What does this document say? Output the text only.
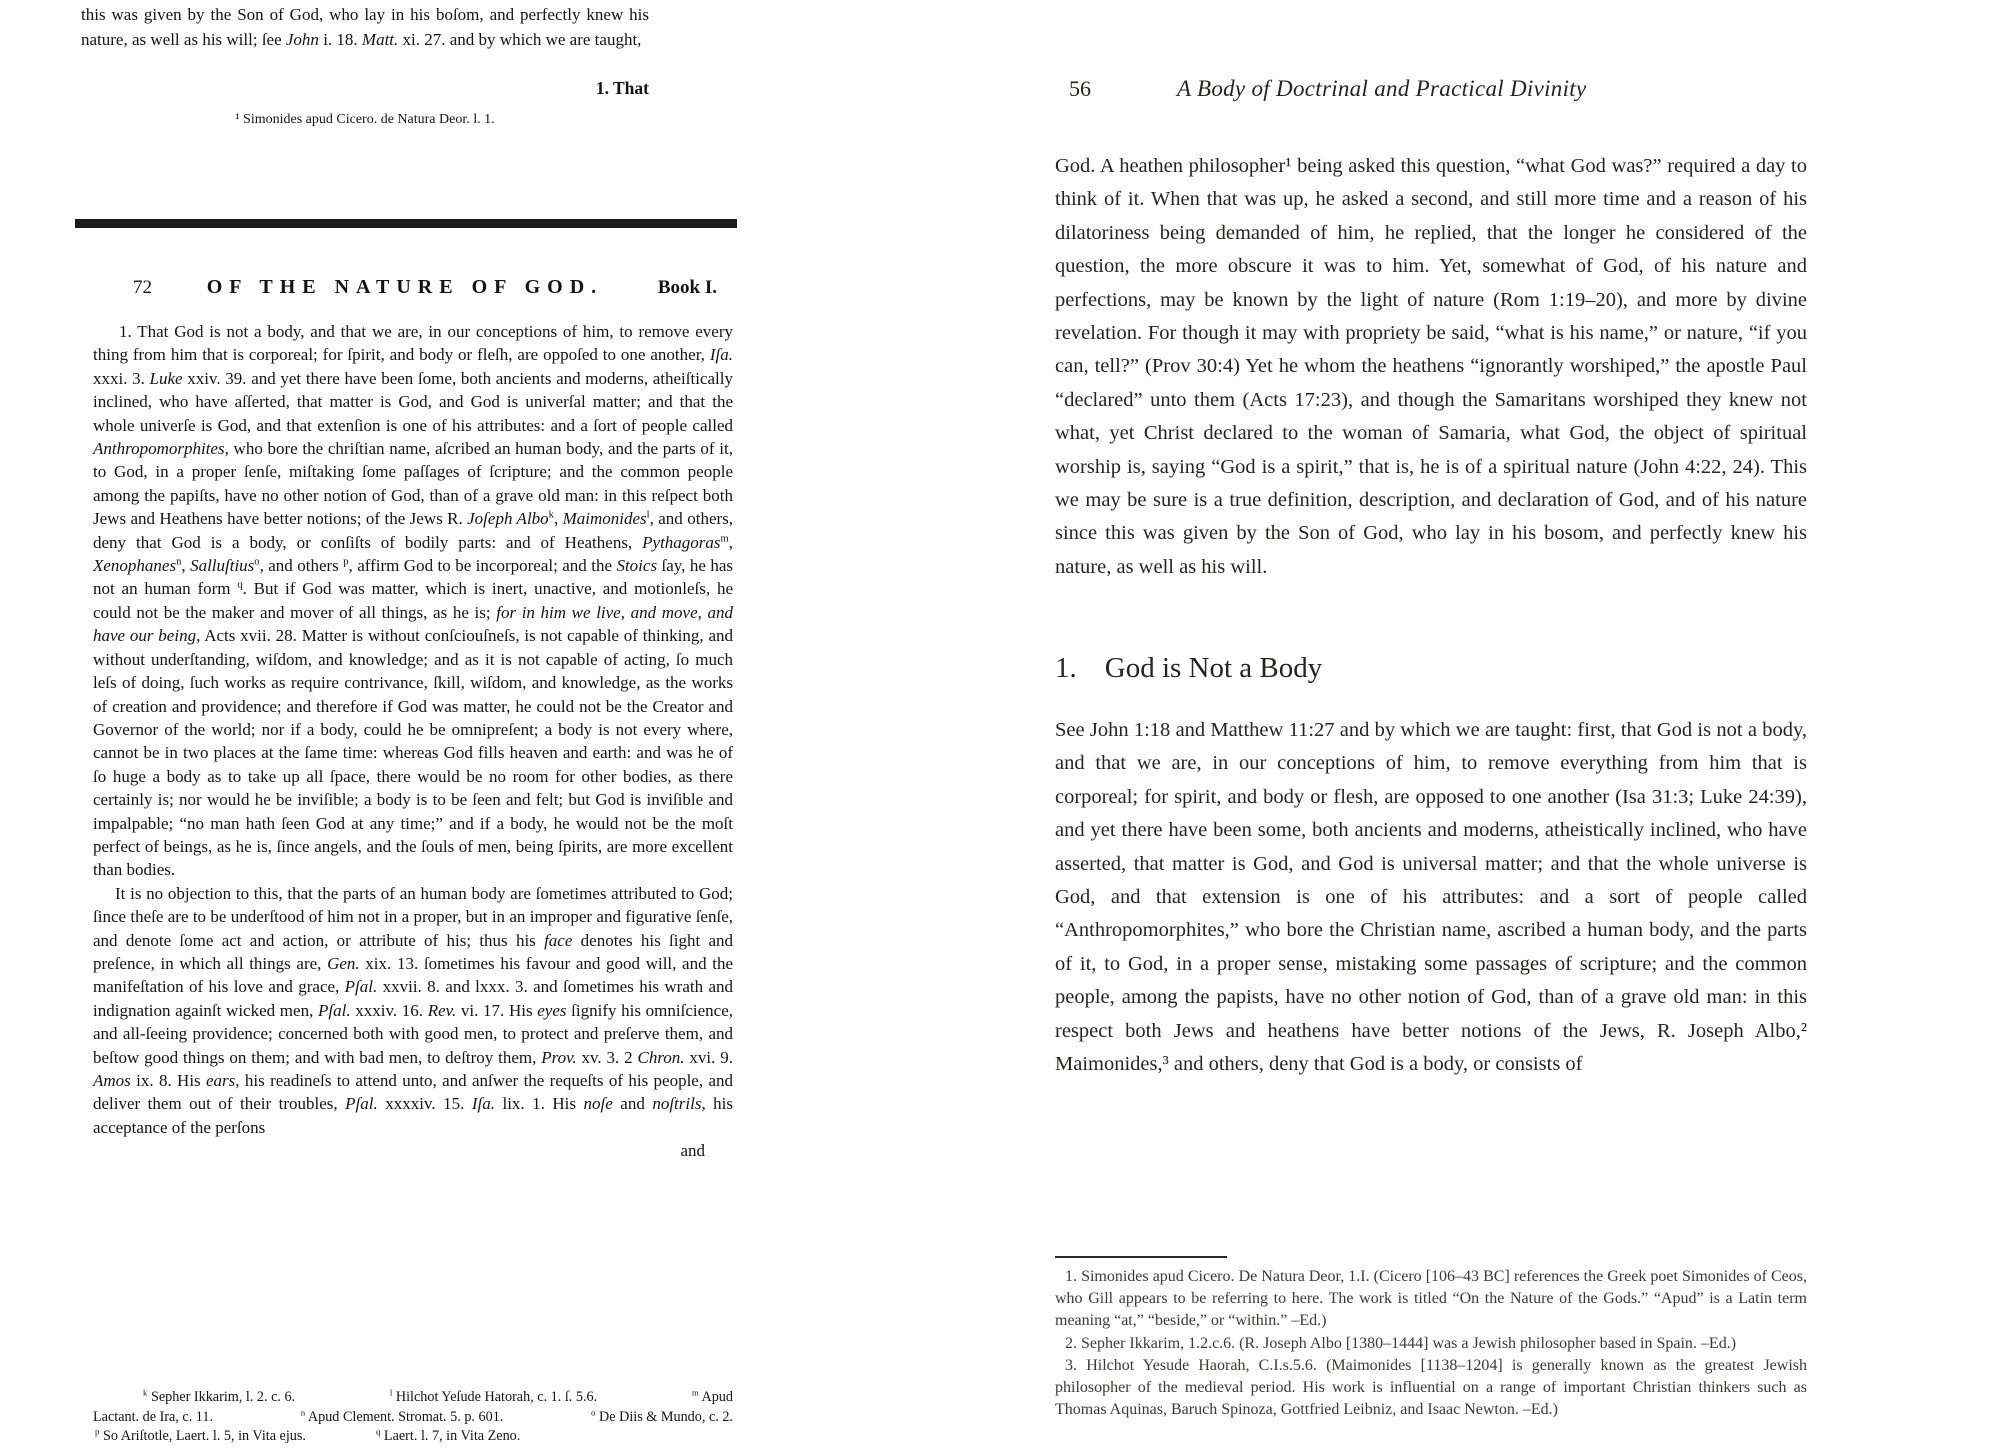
this was given by the Son of God, who lay in his boſom, and perfectly knew his nature, as well as his will; ſee John i. 18. Matt. xi. 27. and by which we are taught,
1. That
¹ Simonides apud Cicero. de Natura Deor. l. 1.
72	OF THE NATURE OF GOD.	Book I.

1. That God is not a body, and that we are, in our conceptions of him, to remove every thing from him that is corporeal; for ſpirit, and body or fleſh, are oppoſed to one another, Iſa. xxxi. 3. Luke xxiv. 39. and yet there have been ſome, both ancients and moderns, atheiſtically inclined, who have aſſerted, that matter is God, and God is univerſal matter; and that the whole univerſe is God, and that extenſion is one of his attributes: and a ſort of people called Anthropomorphites, who bore the chriſtian name, aſcribed an human body, and the parts of it, to God, in a proper ſenſe, miſtaking ſome paſſages of ſcripture; and the common people among the papiſts, have no other notion of God, than of a grave old man: in this reſpect both Jews and Heathens have better notions; of the Jews R. Joſeph Albo$^k$, Maimonides$^l$, and others, deny that God is a body, or conſiſts of bodily parts: and of Heathens, Pythagoras$^m$, Xenophanes$^n$, Salluſtius$^o$, and others $^p$, affirm God to be incorporeal; and the Stoics ſay, he has not an human form $^q$. But if God was matter, which is inert, unactive, and motionleſs, he could not be the maker and mover of all things, as he is; for in him we live, and move, and have our being, Acts xvii. 28. Matter is without conſciouſneſs, is not capable of thinking, and without underſtanding, wiſdom, and knowledge; and as it is not capable of acting, ſo much leſs of doing, ſuch works as require contrivance, ſkill, wiſdom, and knowledge, as the works of creation and providence; and therefore if God was matter, he could not be the Creator and Governor of the world; nor if a body, could he be omnipreſent; a body is not every where, cannot be in two places at the ſame time: whereas God fills heaven and earth: and was he of ſo huge a body as to take up all ſpace, there would be no room for other bodies, as there certainly is; nor would he be inviſible; a body is to be ſeen and felt; but God is inviſible and impalpable; “no man hath ſeen God at any time;” and if a body, he would not be the moſt perfect of beings, as he is, ſince angels, and the ſouls of men, being ſpirits, are more excellent than bodies.

It is no objection to this, that the parts of an human body are ſometimes attributed to God; ſince theſe are to be underſtood of him not in a proper, but in an improper and figurative ſenſe, and denote ſome act and action, or attribute of his; thus his face denotes his ſight and preſence, in which all things are, Gen. xix. 13. ſometimes his favour and good will, and the manifeſtation of his love and grace, Pſal. xxvii. 8. and lxxx. 3. and ſometimes his wrath and indignation againſt wicked men, Pſal. xxxiv. 16. Rev. vi. 17. His eyes ſignify his omniſcience, and all-ſeeing providence; concerned both with good men, to protect and preſerve them, and beſtow good things on them; and with bad men, to deſtroy them, Prov. xv. 3. 2 Chron. xvi. 9. Amos ix. 8. His ears, his readineſs to attend unto, and anſwer the requeſts of his people, and deliver them out of their troubles, Pſal. xxxxiv. 15. Iſa. lix. 1. His noſe and noſtrils, his acceptance of the perſons

and
$^k$ Sepher Ikkarim, l. 2. c. 6.	$^l$ Hilchot Yeſude Hatorah, c. 1. ſ. 5.6.	$^m$ Apud
Lactant. de Ira, c. 11.	$^n$ Apud Clement. Stromat. 5. p. 601.	$^o$ De Diis & Mundo, c. 2.
$^p$ So Ariſtotle, Laert. l. 5, in Vita ejus.	$^q$ Laert. l. 7, in Vita Zeno.
56	A Body of Doctrinal and Practical Divinity

God. A heathen philosopher¹ being asked this question, “what God was?” required a day to think of it. When that was up, he asked a second, and still more time and a reason of his dilatoriness being demanded of him, he replied, that the longer he considered of the question, the more obscure it was to him. Yet, somewhat of God, of his nature and perfections, may be known by the light of nature (Rom 1:19–20), and more by divine revelation. For though it may with propriety be said, “what is his name,” or nature, “if you can, tell?” (Prov 30:4) Yet he whom the heathens “ignorantly worshiped,” the apostle Paul “declared” unto them (Acts 17:23), and though the Samaritans worshiped they knew not what, yet Christ declared to the woman of Samaria, what God, the object of spiritual worship is, saying “God is a spirit,” that is, he is of a spiritual nature (John 4:22, 24). This we may be sure is a true definition, description, and declaration of God, and of his nature since this was given by the Son of God, who lay in his bosom, and perfectly knew his nature, as well as his will.

1. God is Not a Body

See John 1:18 and Matthew 11:27 and by which we are taught: first, that God is not a body, and that we are, in our conceptions of him, to remove everything from him that is corporeal; for spirit, and body or flesh, are opposed to one another (Isa 31:3; Luke 24:39), and yet there have been some, both ancients and moderns, atheistically inclined, who have asserted, that matter is God, and God is universal matter; and that the whole universe is God, and that extension is one of his attributes: and a sort of people called “Anthropomorphites,” who bore the Christian name, ascribed a human body, and the parts of it, to God, in a proper sense, mistaking some passages of scripture; and the common people, among the papists, have no other notion of God, than of a grave old man: in this respect both Jews and heathens have better notions of the Jews, R. Joseph Albo,² Maimonides,³ and others, deny that God is a body, or consists of

1. Simonides apud Cicero. De Natura Deor, 1.I. (Cicero [106–43 BC] references the Greek poet Simonides of Ceos, who Gill appears to be referring to here. The work is titled “On the Nature of the Gods.” “Apud” is a Latin term meaning “at,” “beside,” or “within.” –Ed.)

2. Sepher Ikkarim, 1.2.c.6. (R. Joseph Albo [1380–1444] was a Jewish philosopher based in Spain. –Ed.)

3. Hilchot Yesude Haorah, C.I.s.5.6. (Maimonides [1138–1204] is generally known as the greatest Jewish philosopher of the medieval period. His work is influential on a range of important Christian thinkers such as Thomas Aquinas, Baruch Spinoza, Gottfried Leibniz, and Isaac Newton. –Ed.)
